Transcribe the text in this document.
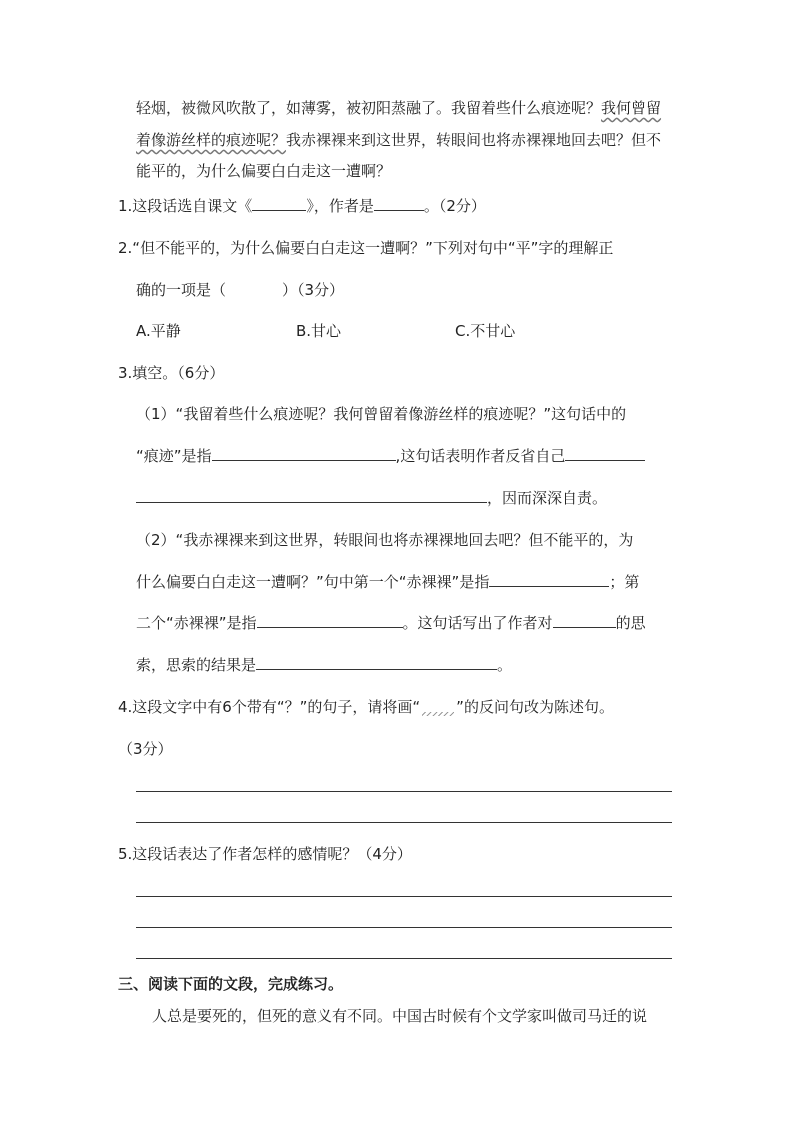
轻烟，被微风吹散了，如薄雾，被初阳蒸融了。我留着些什么痕迹呢？我何曾留
着像游丝样的痕迹呢？我赤裸裸来到这世界，转眼间也将赤裸裸地回去吧？但不
能平的，为什么偏要白白走这一遭啊？
1.这段话选自课文《	》，作者是	。（2分）
2.“但不能平的，为什么偏要白白走这一遭啊？”下列对句中“平”字的理解正
确的一项是（	）（3分）
A.平静	B.甘心	C.不甘心
3.填空。（6分）
（1）“我留着些什么痕迹呢？我何曾留着像游丝样的痕迹呢？”这句话中的
“痕迹”是指	,这句话表明作者反省自己
，因而深深自责。
（2）“我赤裸裸来到这世界，转眼间也将赤裸裸地回去吧？但不能平的，为
什么偏要白白走这一遭啊？”句中第一个“赤裸裸”是指	；第
二个“赤裸裸”是指	。这句话写出了作者对	的思
索，思索的结果是	。
4.这段文字中有6个带有“？”的句子，请将画“ ”的反问句改为陈述句。
（3分）
5.这段话表达了作者怎样的感情呢？（4分）
三、阅读下面的文段，完成练习。
人总是要死的，但死的意义有不同。中国古时候有个文学家叫做司马迁的说
